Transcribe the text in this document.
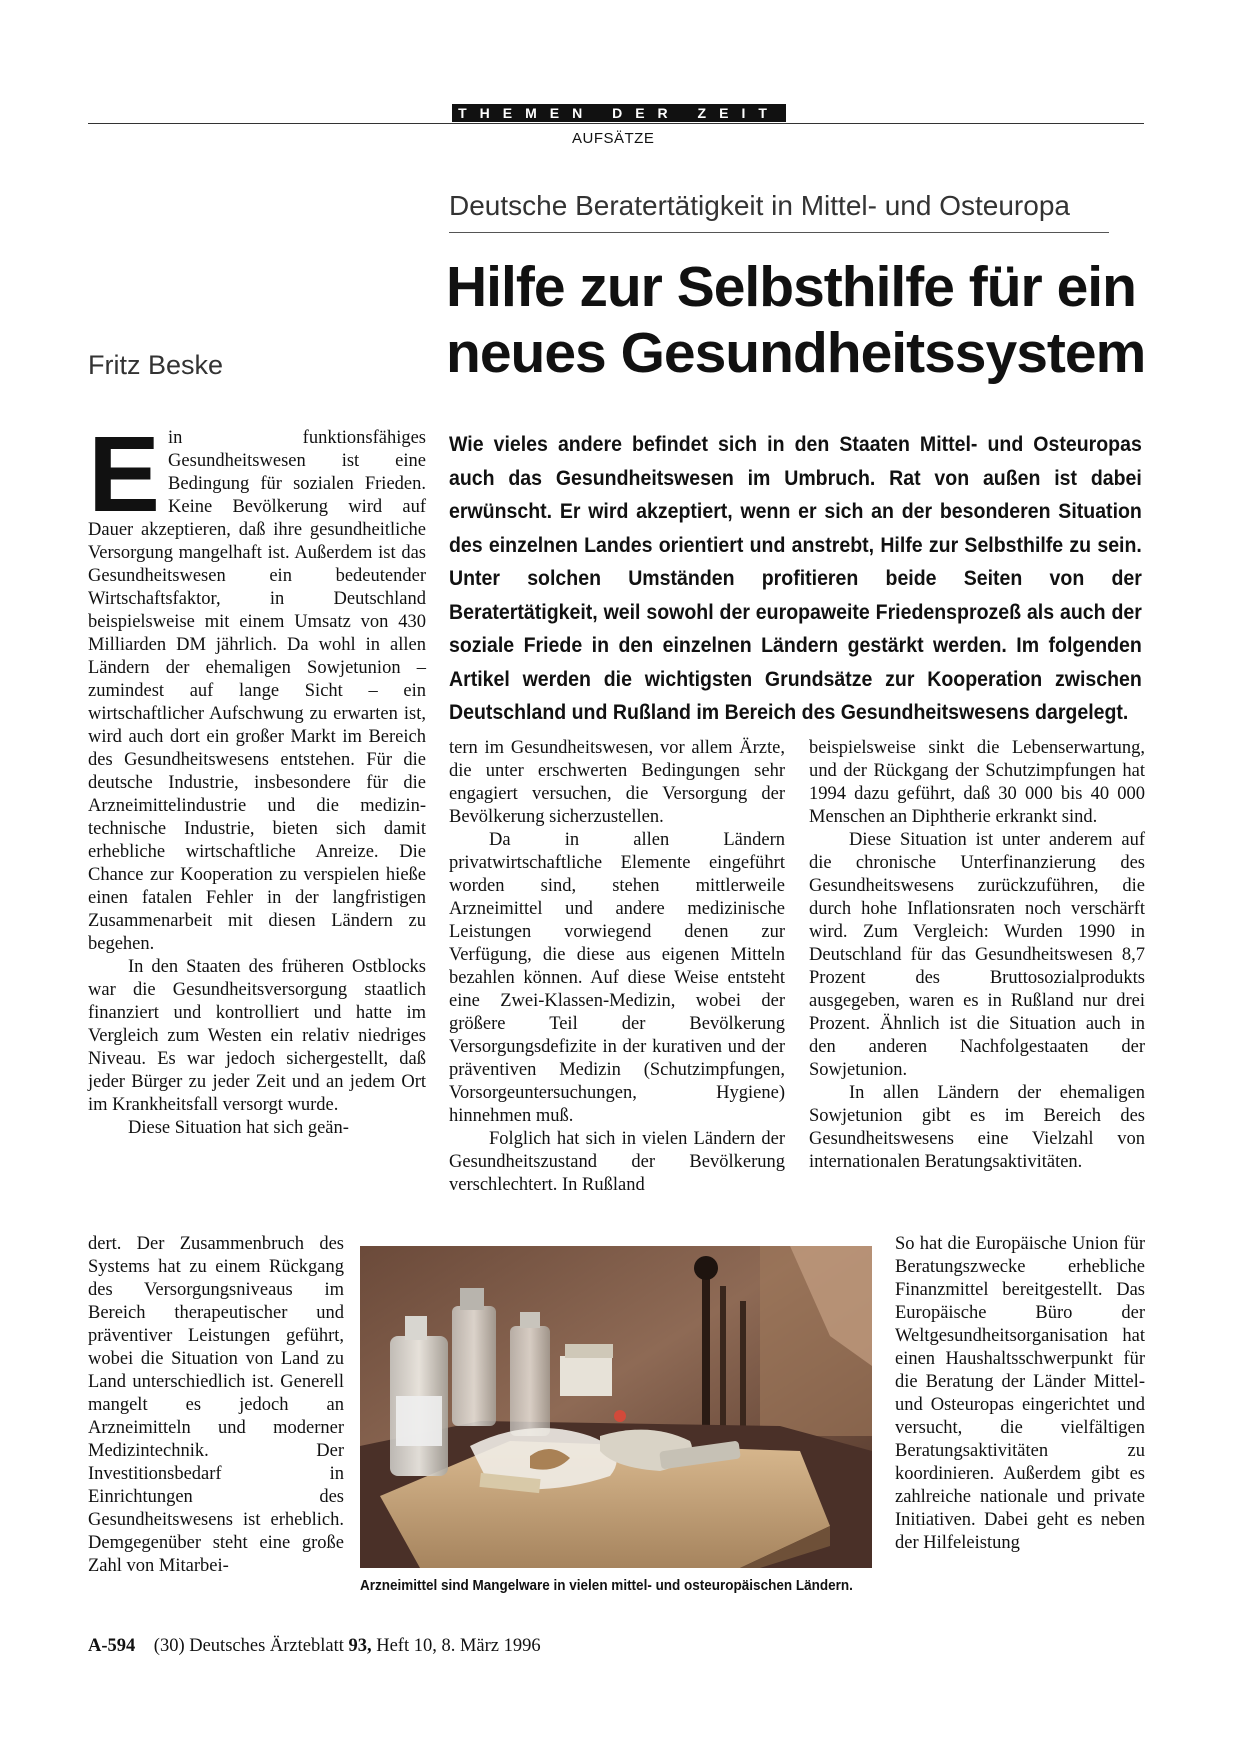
THEMEN DER ZEIT
AUFSÄTZE
Deutsche Beratertätigkeit in Mittel- und Osteuropa
Hilfe zur Selbsthilfe für ein
neues Gesundheitssystem
Fritz Beske
Wie vieles andere befindet sich in den Staaten Mittel- und Osteuropas auch das Gesundheitswesen im Umbruch. Rat von außen ist dabei erwünscht. Er wird akzeptiert, wenn er sich an der besonderen Situation des einzelnen Landes orientiert und anstrebt, Hilfe zur Selbsthilfe zu sein. Unter solchen Umständen profitieren beide Seiten von der Beratertätigkeit, weil sowohl der europaweite Friedensprozeß als auch der soziale Friede in den einzelnen Ländern gestärkt werden. Im folgenden Artikel werden die wichtigsten Grundsätze zur Kooperation zwischen Deutschland und Rußland im Bereich des Gesundheitswesens dargelegt.

Ein funktionsfähiges Gesundheitswesen ist eine Bedingung für sozialen Frieden. Keine Bevölkerung wird auf Dauer akzeptieren, daß ihre gesundheitliche Versorgung mangelhaft ist. Außerdem ist das Gesundheitswesen ein bedeutender Wirtschaftsfaktor, in Deutschland beispielsweise mit einem Umsatz von 430 Milliarden DM jährlich. Da wohl in allen Ländern der ehemaligen Sowjetunion – zumindest auf lange Sicht – ein wirtschaftlicher Aufschwung zu erwarten ist, wird auch dort ein großer Markt im Bereich des Gesundheitswesens entstehen. Für die deutsche Industrie, insbesondere für die Arzneimittelindustrie und die medizin-technische Industrie, bieten sich damit erhebliche wirtschaftliche Anreize. Die Chance zur Kooperation zu verspielen hieße einen fatalen Fehler in der langfristigen Zusammenarbeit mit diesen Ländern zu begehen.

In den Staaten des früheren Ostblocks war die Gesundheitsversorgung staatlich finanziert und kontrolliert und hatte im Vergleich zum Westen ein relativ niedriges Niveau. Es war jedoch sichergestellt, daß jeder Bürger zu jeder Zeit und an jedem Ort im Krankheitsfall versorgt wurde.

Diese Situation hat sich geän-

dert. Der Zusammenbruch des Systems hat zu einem Rückgang des Versorgungsniveaus im Bereich therapeutischer und präventiver Leistungen geführt, wobei die Situation von Land zu Land unterschiedlich ist. Generell mangelt es jedoch an Arzneimitteln und moderner Medizintechnik. Der Investitionsbedarf in Einrichtungen des Gesundheitswesens ist erheblich. Demgegenüber steht eine große Zahl von Mitarbei-

tern im Gesundheitswesen, vor allem Ärzte, die unter erschwerten Bedingungen sehr engagiert versuchen, die Versorgung der Bevölkerung sicherzustellen.

Da in allen Ländern privatwirtschaftliche Elemente eingeführt worden sind, stehen mittlerweile Arzneimittel und andere medizinische Leistungen vorwiegend denen zur Verfügung, die diese aus eigenen Mitteln bezahlen können. Auf diese Weise entsteht eine Zwei-Klassen-Medizin, wobei der größere Teil der Bevölkerung Versorgungsdefizite in der kurativen und der präventiven Medizin (Schutzimpfungen, Vorsorgeuntersuchungen, Hygiene) hinnehmen muß.

Folglich hat sich in vielen Ländern der Gesundheitszustand der Bevölkerung verschlechtert. In Rußland

beispielsweise sinkt die Lebenserwartung, und der Rückgang der Schutzimpfungen hat 1994 dazu geführt, daß 30 000 bis 40 000 Menschen an Diphtherie erkrankt sind.

Diese Situation ist unter anderem auf die chronische Unterfinanzierung des Gesundheitswesens zurückzuführen, die durch hohe Inflationsraten noch verschärft wird. Zum Vergleich: Wurden 1990 in Deutschland für das Gesundheitswesen 8,7 Prozent des Bruttosozialprodukts ausgegeben, waren es in Rußland nur drei Prozent. Ähnlich ist die Situation auch in den anderen Nachfolgestaaten der Sowjetunion.

In allen Ländern der ehemaligen Sowjetunion gibt es im Bereich des Gesundheitswesens eine Vielzahl von internationalen Beratungsaktivitäten.

So hat die Europäische Union für Beratungszwecke erhebliche Finanzmittel bereitgestellt. Das Europäische Büro der Weltgesundheitsorganisation hat einen Haushaltsschwerpunkt für die Beratung der Länder Mittel- und Osteuropas eingerichtet und versucht, die vielfältigen Beratungsaktivitäten zu koordinieren. Außerdem gibt es zahlreiche nationale und private Initiativen. Dabei geht es neben der Hilfeleistung

Arzneimittel sind Mangelware in vielen mittel- und osteuropäischen Ländern.
A-594 (30) Deutsches Ärzteblatt 93, Heft 10, 8. März 1996
